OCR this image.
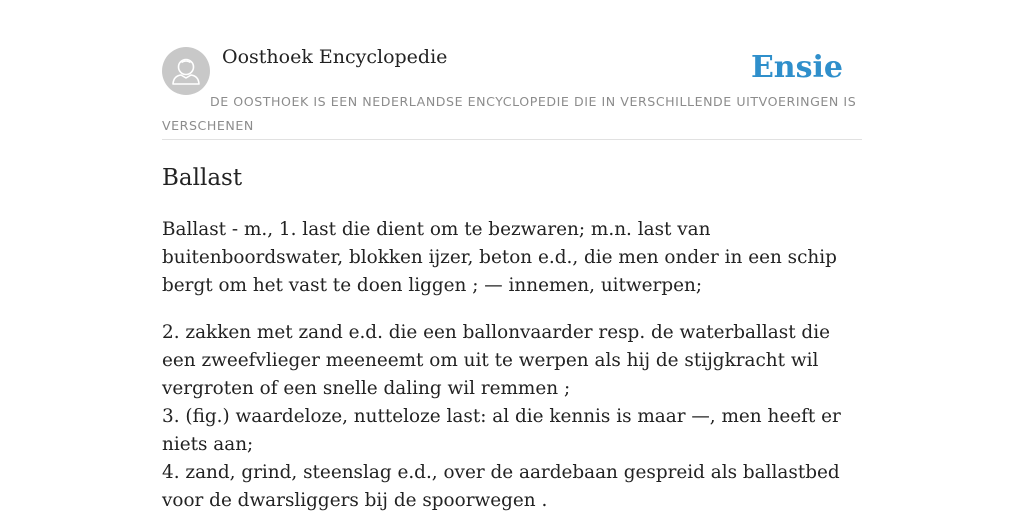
Oosthoek Encyclopedie	Ensie

DE OOSTHOEK IS EEN NEDERLANDSE ENCYCLOPEDIE DIE IN VERSCHILLENDE UITVOERINGEN IS VERSCHENEN

Ballast

Ballast - m., 1. last die dient om te bezwaren; m.n. last van buitenboordswater, blokken ijzer, beton e.d., die men onder in een schip bergt om het vast te doen liggen ; — innemen, uitwerpen;

2. zakken met zand e.d. die een ballonvaarder resp. de waterballast die een zweefvlieger meeneemt om uit te werpen als hij de stijgkracht wil vergroten of een snelle daling wil remmen ;
3. (fig.) waardeloze, nutteloze last: al die kennis is maar —, men heeft er niets aan;
4. zand, grind, steenslag e.d., over de aardebaan gespreid als ballastbed voor de dwarsliggers bij de spoorwegen .
